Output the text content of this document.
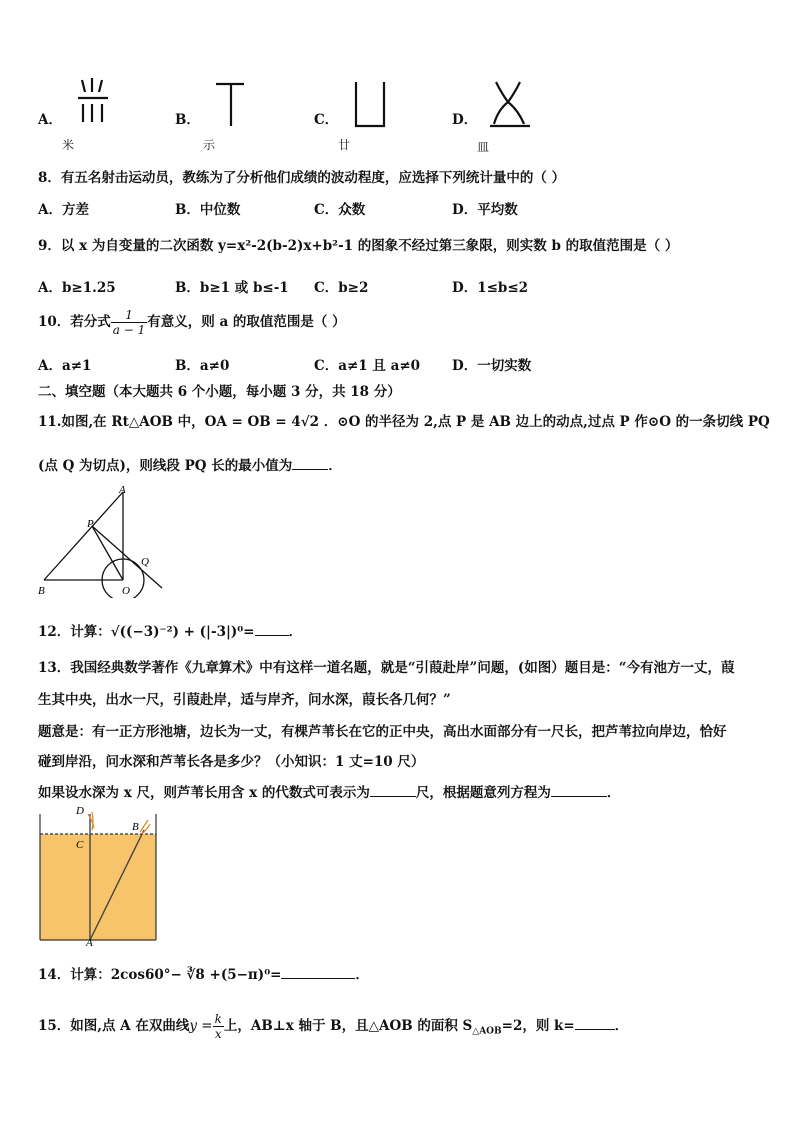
A．
米
B．
示
C．
廿
D．
皿
8．有五名射击运动员，教练为了分析他们成绩的波动程度，应选择下列统计量中的（ ）
A．方差	B．中位数	C．众数	D．平均数
9．以 x 为自变量的二次函数 y=x²-2(b-2)x+b²-1 的图象不经过第三象限，则实数 b 的取值范围是（ ）
A．b≥1.25	B．b≥1 或 b≤-1 C．b≥2	D．1≤b≤2
10．若分式 $\frac{1}{a - 1}$ 有意义，则 a 的取值范围是（ ）
A．a≠1	B．a≠0	C．a≠1 且 a≠0 D．一切实数
二、填空题（本大题共 6 个小题，每小题 3 分，共 18 分）
11.如图,在 Rt△AOB 中，OA = OB = 4√2 ．⊙O 的半径为 2,点 P 是 AB 边上的动点,过点 P 作⊙O 的一条切线 PQ
(点 Q 为切点)，则线段 PQ 长的最小值为	．
A
P
Q
B	O
12．计算：√((−3)⁻²) + (|-3|)⁰=	．
13．我国经典数学著作《九章算术》中有这样一道名题，就是“引葭赴岸”问题，(如图）题目是：“今有池方一丈，葭
生其中央，出水一尺，引葭赴岸，适与岸齐，问水深，葭长各几何？”
题意是：有一正方形池塘，边长为一丈，有棵芦苇长在它的正中央，高出水面部分有一尺长，把芦苇拉向岸边，恰好
碰到岸沿，问水深和芦苇长各是多少？（小知识：1 丈=10 尺）
如果设水深为 x 尺，则芦苇长用含 x 的代数式可表示为	尺，根据题意列方程为	．
D
B
C
A
14．计算：2cos60°− ∛8 +(5−π)⁰=	．
15．如图,点 A 在双曲线$y = \frac{k}{x}$ 上，AB⊥x 轴于 B，且△AOB 的面积 $S_{\triangle AOB}=2$，则 k=	．
